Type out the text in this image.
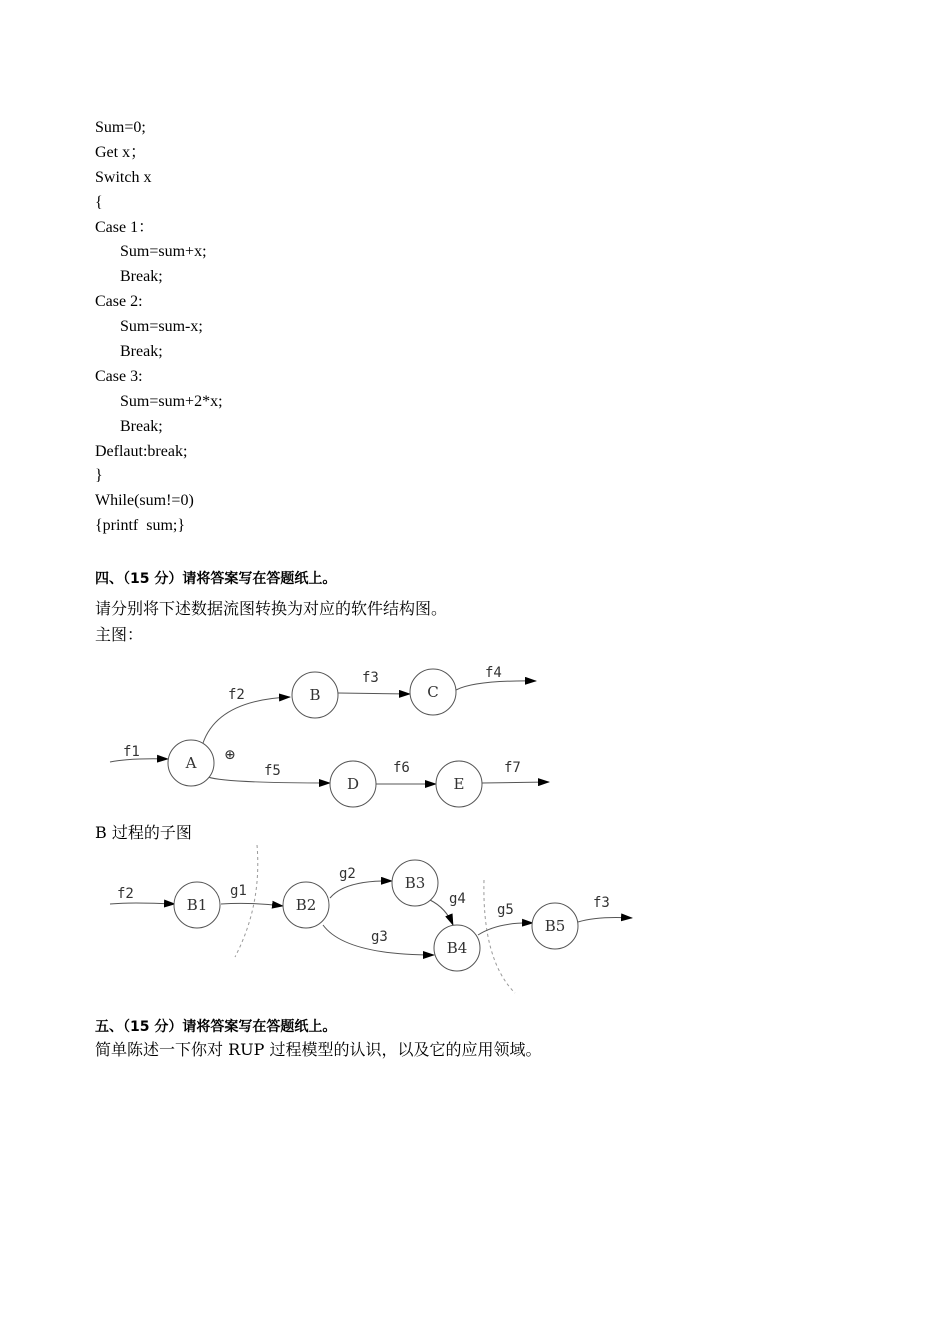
Sum=0;
Get x；
Switch x
{
Case 1：
Sum=sum+x;
Break;
Case 2:
Sum=sum-x;
Break;
Case 3:
Sum=sum+2*x;
Break;
Deflaut:break;
}
While(sum!=0)
{printf  sum;}
四、（15 分）请将答案写在答题纸上。
请分别将下述数据流图转换为对应的软件结构图。
主图：
A
B	C
D	E
f1
f2
f3	f4
f5	f6	f7
⊕
B1	B2
B3
B4
B5
f2	g1
g2
g3
g4
g5	f3
B 过程的子图
五、（15 分）请将答案写在答题纸上。
简单陈述一下你对 RUP 过程模型的认识，以及它的应用领域。
